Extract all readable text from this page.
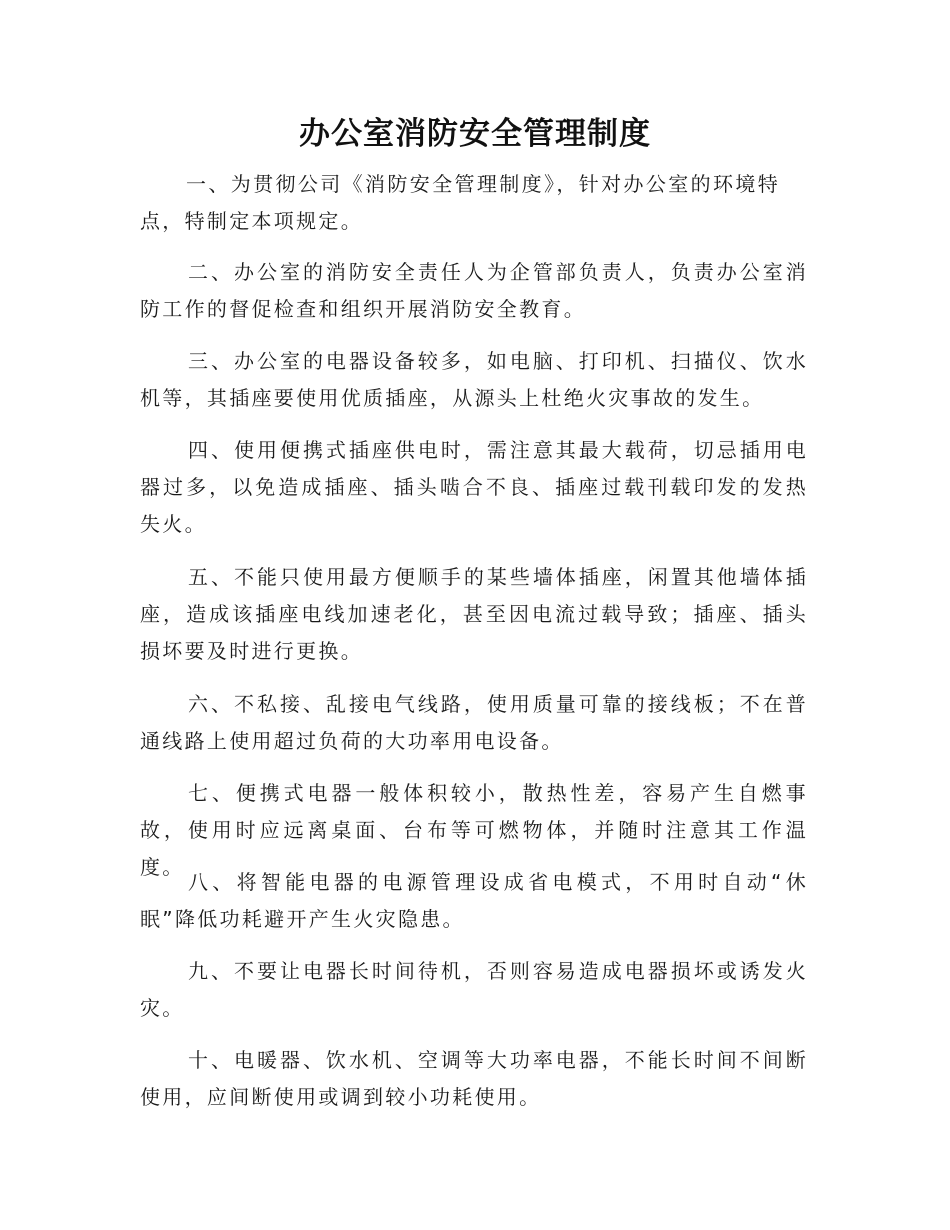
办公室消防安全管理制度

一、为贯彻公司《消防安全管理制度》，针对办公室的环境特点，特制定本项规定。

二、办公室的消防安全责任人为企管部负责人，负责办公室消防工作的督促检查和组织开展消防安全教育。

三、办公室的电器设备较多，如电脑、打印机、扫描仪、饮水机等，其插座要使用优质插座，从源头上杜绝火灾事故的发生。

四、使用便携式插座供电时，需注意其最大载荷，切忌插用电器过多，以免造成插座、插头啮合不良、插座过载刊载印发的发热失火。

五、不能只使用最方便顺手的某些墙体插座，闲置其他墙体插座，造成该插座电线加速老化，甚至因电流过载导致；插座、插头损坏要及时进行更换。

六、不私接、乱接电气线路，使用质量可靠的接线板；不在普通线路上使用超过负荷的大功率用电设备。

七、便携式电器一般体积较小，散热性差，容易产生自燃事故，使用时应远离桌面、台布等可燃物体，并随时注意其工作温度。

八、将智能电器的电源管理设成省电模式，不用时自动“休眠”降低功耗避开产生火灾隐患。

九、不要让电器长时间待机，否则容易造成电器损坏或诱发火灾。

十、电暖器、饮水机、空调等大功率电器，不能长时间不间断使用，应间断使用或调到较小功耗使用。
